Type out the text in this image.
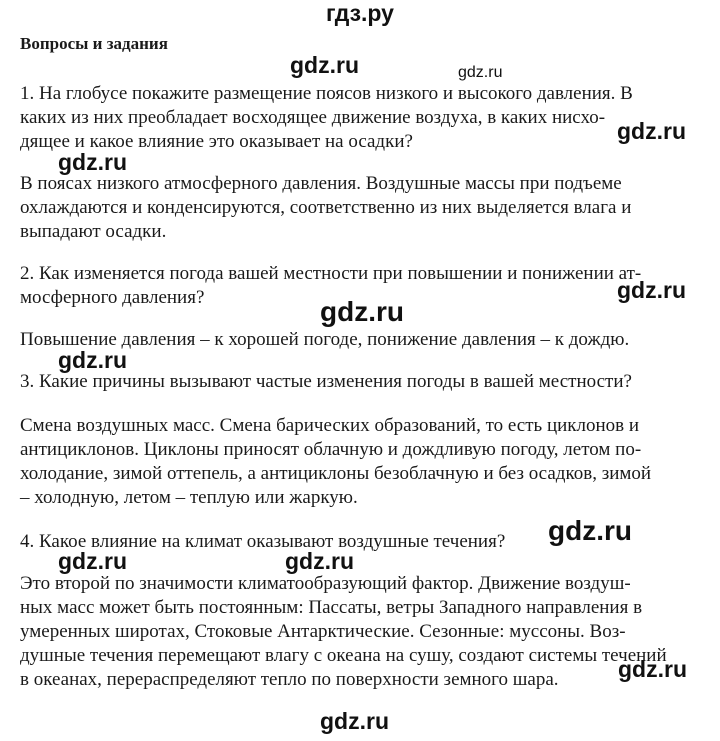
гдз.ру
Вопросы и задания
1. На глобусе покажите размещение поясов низкого и высокого давления. В
каких из них преобладает восходящее движение воздуха, в каких нисхо-
дящее и какое влияние это оказывает на осадки?
В поясах низкого атмосферного давления. Воздушные массы при подъеме
охлаждаются и конденсируются, соответственно из них выделяется влага и
выпадают осадки.
2. Как изменяется погода вашей местности при повышении и понижении ат-
мосферного давления?
Повышение давления – к хорошей погоде, понижение давления – к дождю.
3. Какие причины вызывают частые изменения погоды в вашей местности?
Смена воздушных масс. Смена барических образований, то есть циклонов и
антициклонов. Циклоны приносят облачную и дождливую погоду, летом по-
холодание, зимой оттепель, а антициклоны безоблачную и без осадков, зимой
– холодную, летом – теплую или жаркую.
4. Какое влияние на климат оказывают воздушные течения?
Это второй по значимости климатообразующий фактор. Движение воздуш-
ных масс может быть постоянным: Пассаты, ветры Западного направления в
умеренных широтах, Стоковые Антарктические. Сезонные: муссоны. Воз-
душные течения перемещают влагу с океана на сушу, создают системы течений
в океанах, перераспределяют тепло по поверхности земного шара.
gdz.ru	gdz.ru
gdz.ru
gdz.ru
gdz.ru
gdz.ru
gdz.ru
gdz.ru
gdz.ru	gdz.ru
gdz.ru
gdz.ru
